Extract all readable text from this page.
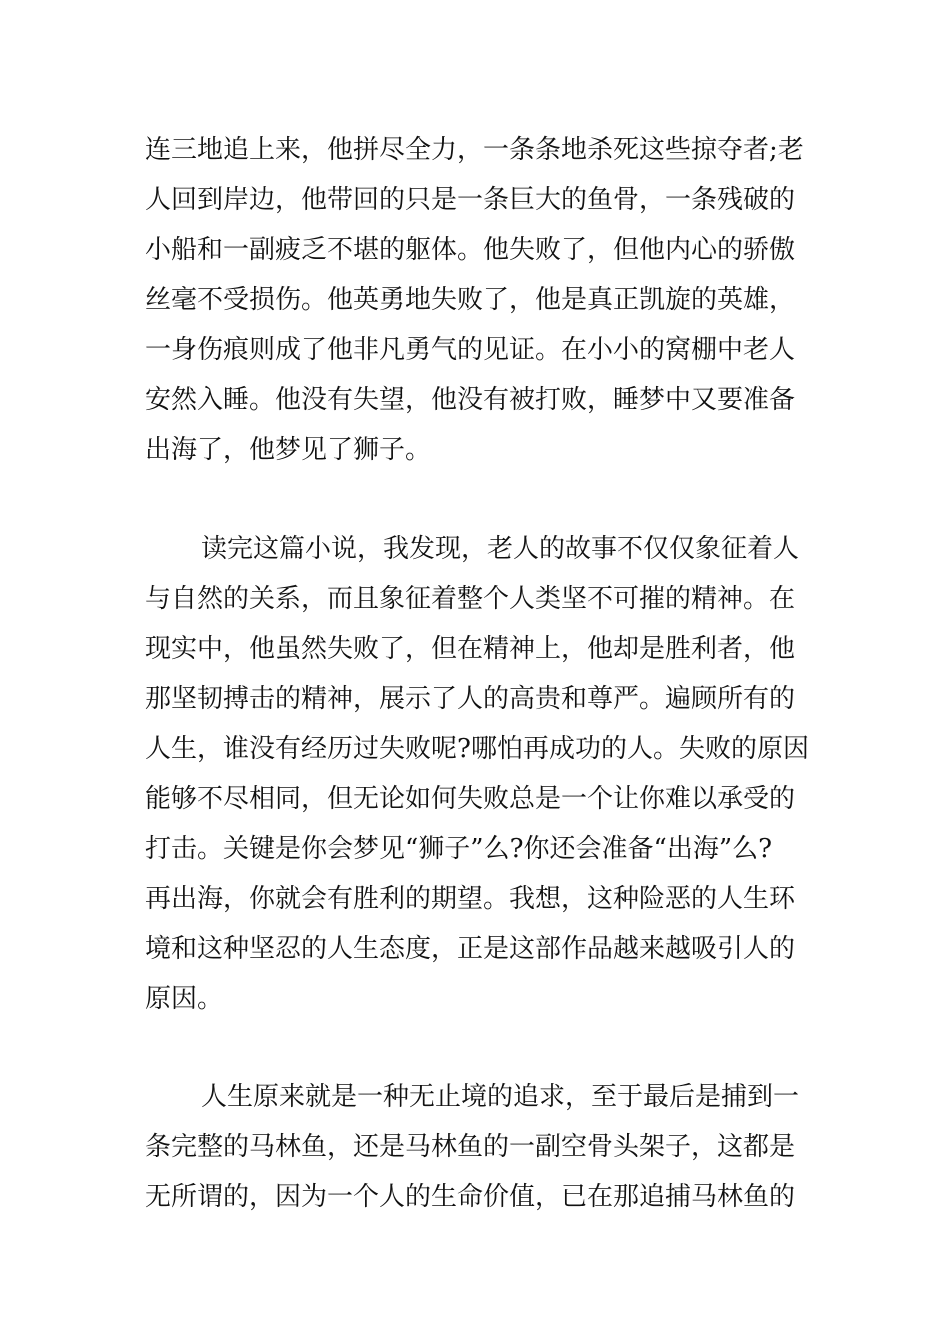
连三地追上来，他拼尽全力，一条条地杀死这些掠夺者;老
人回到岸边，他带回的只是一条巨大的鱼骨，一条残破的
小船和一副疲乏不堪的躯体。他失败了，但他内心的骄傲
丝毫不受损伤。他英勇地失败了，他是真正凯旋的英雄，
一身伤痕则成了他非凡勇气的见证。在小小的窝棚中老人
安然入睡。他没有失望，他没有被打败，睡梦中又要准备
出海了，他梦见了狮子。
读完这篇小说，我发现，老人的故事不仅仅象征着人
与自然的关系，而且象征着整个人类坚不可摧的精神。在
现实中，他虽然失败了，但在精神上，他却是胜利者，他
那坚韧搏击的精神，展示了人的高贵和尊严。遍顾所有的
人生，谁没有经历过失败呢?哪怕再成功的人。失败的原因
能够不尽相同，但无论如何失败总是一个让你难以承受的
打击。关键是你会梦见“狮子”么?你还会准备“出海”么?
再出海，你就会有胜利的期望。我想，这种险恶的人生环
境和这种坚忍的人生态度，正是这部作品越来越吸引人的
原因。
人生原来就是一种无止境的追求，至于最后是捕到一
条完整的马林鱼，还是马林鱼的一副空骨头架子，这都是
无所谓的，因为一个人的生命价值，已在那追捕马林鱼的
